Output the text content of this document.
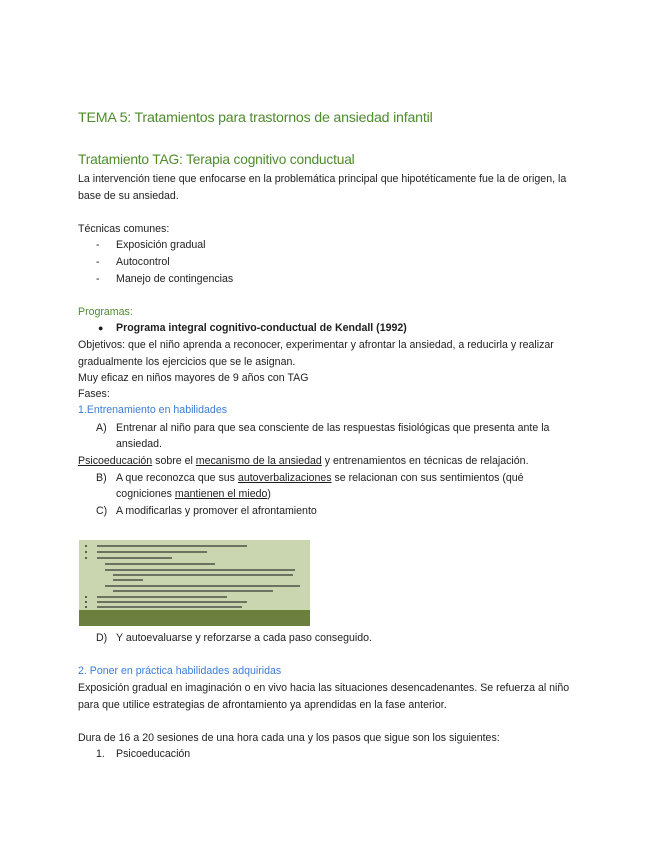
TEMA 5: Tratamientos para trastornos de ansiedad infantil
Tratamiento TAG: Terapia cognitivo conductual
La intervención tiene que enfocarse en la problemática principal que hipotéticamente fue la de origen, la
base de su ansiedad.
Técnicas comunes:
- Exposición gradual
- Autocontrol
- Manejo de contingencias
Programas:
● Programa integral cognitivo-conductual de Kendall (1992)
Objetivos: que el niño aprenda a reconocer, experimentar y afrontar la ansiedad, a reducirla y realizar
gradualmente los ejercicios que se le asignan.
Muy eficaz en niños mayores de 9 años con TAG
Fases:
1.Entrenamiento en habilidades
A) Entrenar al niño para que sea consciente de las respuestas fisiológicas que presenta ante la
ansiedad.
Psicoeducación sobre el mecanismo de la ansiedad y entrenamientos en técnicas de relajación.
B) A que reconozca que sus autoverbalizaciones se relacionan con sus sentimientos (qué
cogniciones mantienen el miedo)
C) A modificarlas y promover el afrontamiento
D) Y autoevaluarse y reforzarse a cada paso conseguido.
2. Poner en práctica habilidades adquiridas
Exposición gradual en imaginación o en vivo hacia las situaciones desencadenantes. Se refuerza al niño
para que utilice estrategias de afrontamiento ya aprendidas en la fase anterior.
Dura de 16 a 20 sesiones de una hora cada una y los pasos que sigue son los siguientes:
1. Psicoeducación
